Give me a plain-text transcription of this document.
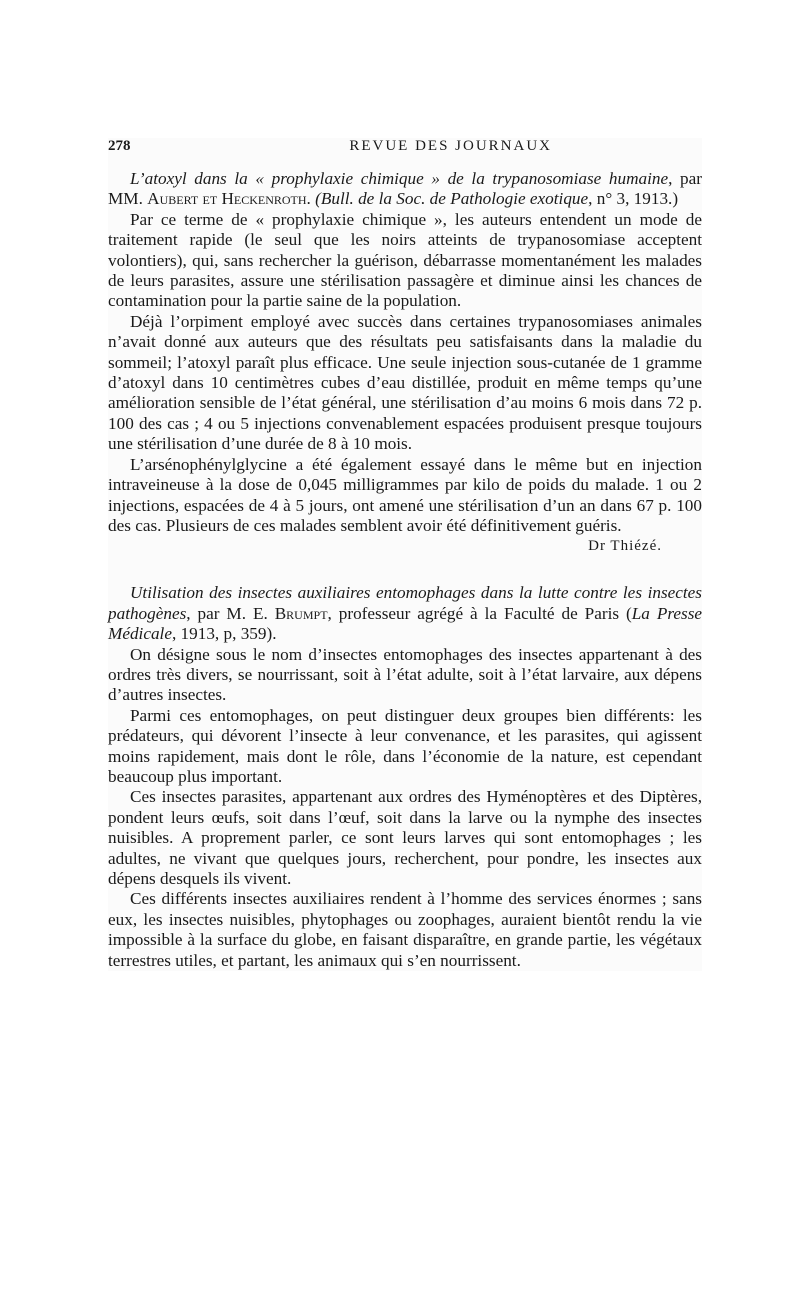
278	REVUE DES JOURNAUX

L’atoxyl dans la « prophylaxie chimique » de la trypanosomiase humaine, par MM. Aubert et Heckenroth. (Bull. de la Soc. de Pathologie exotique, n° 3, 1913.)

Par ce terme de « prophylaxie chimique », les auteurs entendent un mode de traitement rapide (le seul que les noirs atteints de trypanosomiase acceptent volontiers), qui, sans rechercher la guérison, débarrasse momentanément les malades de leurs parasites, assure une stérilisation passagère et diminue ainsi les chances de contamination pour la partie saine de la population.

Déjà l’orpiment employé avec succès dans certaines trypanosomiases animales n’avait donné aux auteurs que des résultats peu satisfaisants dans la maladie du sommeil; l’atoxyl paraît plus efficace. Une seule injection sous-cutanée de 1 gramme d’atoxyl dans 10 centimètres cubes d’eau distillée, produit en même temps qu’une amélioration sensible de l’état général, une stérilisation d’au moins 6 mois dans 72 p. 100 des cas ; 4 ou 5 injections convenablement espacées produisent presque toujours une stérilisation d’une durée de 8 à 10 mois.

L’arsénophénylglycine a été également essayé dans le même but en injection intraveineuse à la dose de 0,045 milligrammes par kilo de poids du malade. 1 ou 2 injections, espacées de 4 à 5 jours, ont amené une stérilisation d’un an dans 67 p. 100 des cas. Plusieurs de ces malades semblent avoir été définitivement guéris.

Dr Thiézé.

Utilisation des insectes auxiliaires entomophages dans la lutte contre les insectes pathogènes, par M. E. Brumpt, professeur agrégé à la Faculté de Paris (La Presse Médicale, 1913, p, 359).

On désigne sous le nom d’insectes entomophages des insectes appartenant à des ordres très divers, se nourrissant, soit à l’état adulte, soit à l’état larvaire, aux dépens d’autres insectes.

Parmi ces entomophages, on peut distinguer deux groupes bien différents: les prédateurs, qui dévorent l’insecte à leur convenance, et les parasites, qui agissent moins rapidement, mais dont le rôle, dans l’économie de la nature, est cependant beaucoup plus important.

Ces insectes parasites, appartenant aux ordres des Hyménoptères et des Diptères, pondent leurs œufs, soit dans l’œuf, soit dans la larve ou la nymphe des insectes nuisibles. A proprement parler, ce sont leurs larves qui sont entomophages ; les adultes, ne vivant que quelques jours, recherchent, pour pondre, les insectes aux dépens desquels ils vivent.

Ces différents insectes auxiliaires rendent à l’homme des services énormes ; sans eux, les insectes nuisibles, phytophages ou zoophages, auraient bientôt rendu la vie impossible à la surface du globe, en faisant disparaître, en grande partie, les végétaux terrestres utiles, et partant, les animaux qui s’en nourrissent.
